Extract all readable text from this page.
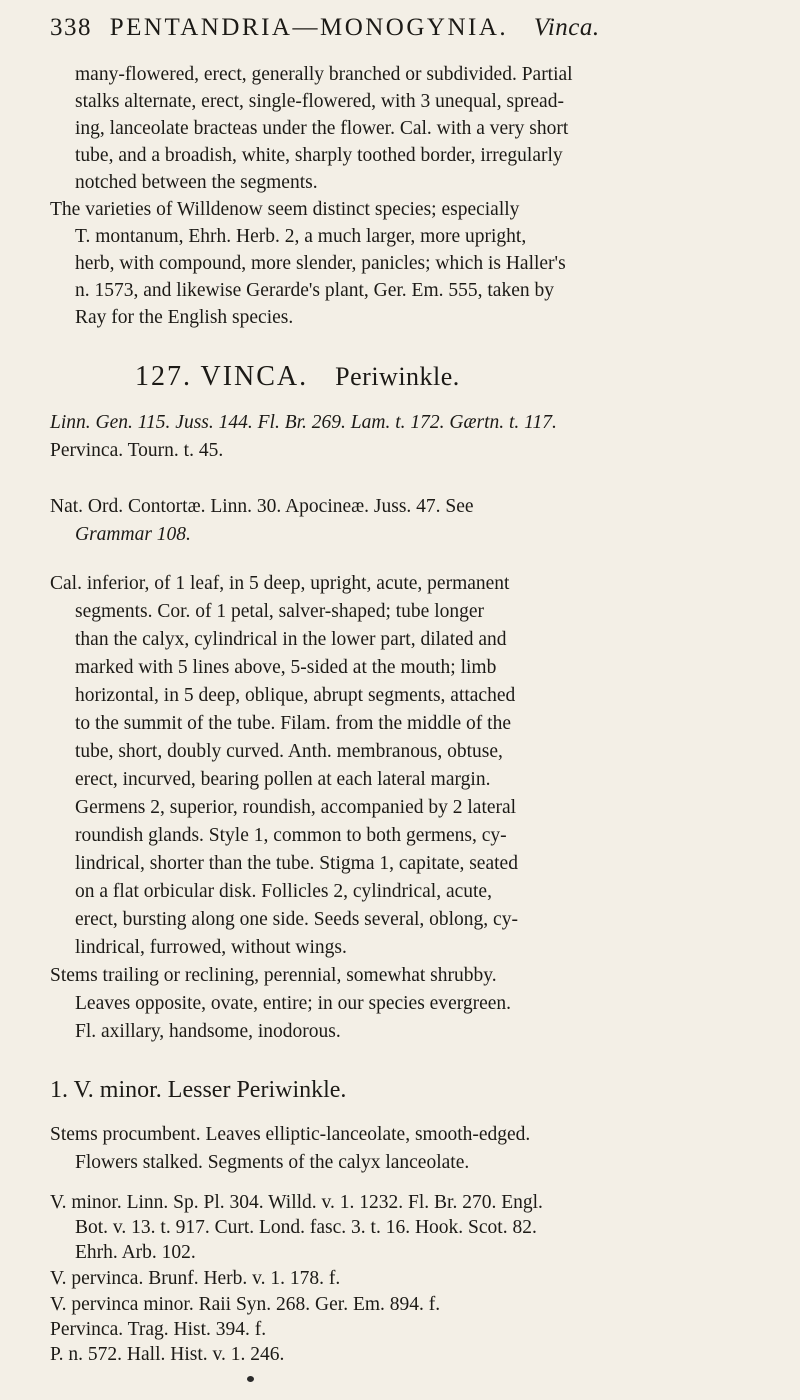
338 PENTANDRIA—MONOGYNIA. Vinca.
many-flowered, erect, generally branched or subdivided. Partial
stalks alternate, erect, single-flowered, with 3 unequal, spread-
ing, lanceolate bracteas under the flower. Cal. with a very short
tube, and a broadish, white, sharply toothed border, irregularly
notched between the segments.
The varieties of Willdenow seem distinct species; especially
T. montanum, Ehrh. Herb. 2, a much larger, more upright,
herb, with compound, more slender, panicles; which is Haller's
n. 1573, and likewise Gerarde's plant, Ger. Em. 555, taken by
Ray for the English species.
127. VINCA. Periwinkle.
Linn. Gen. 115. Juss. 144. Fl. Br. 269. Lam. t. 172. Gærtn. t. 117.
Pervinca. Tourn. t. 45.
Nat. Ord. Contortæ. Linn. 30. Apocineæ. Juss. 47. See
Grammar 108.
Cal. inferior, of 1 leaf, in 5 deep, upright, acute, permanent
segments. Cor. of 1 petal, salver-shaped; tube longer
than the calyx, cylindrical in the lower part, dilated and
marked with 5 lines above, 5-sided at the mouth; limb
horizontal, in 5 deep, oblique, abrupt segments, attached
to the summit of the tube. Filam. from the middle of the
tube, short, doubly curved. Anth. membranous, obtuse,
erect, incurved, bearing pollen at each lateral margin.
Germens 2, superior, roundish, accompanied by 2 lateral
roundish glands. Style 1, common to both germens, cy-
lindrical, shorter than the tube. Stigma 1, capitate, seated
on a flat orbicular disk. Follicles 2, cylindrical, acute,
erect, bursting along one side. Seeds several, oblong, cy-
lindrical, furrowed, without wings.
Stems trailing or reclining, perennial, somewhat shrubby.
Leaves opposite, ovate, entire; in our species evergreen.
Fl. axillary, handsome, inodorous.
1. V. minor. Lesser Periwinkle.
Stems procumbent. Leaves elliptic-lanceolate, smooth-edged.
Flowers stalked. Segments of the calyx lanceolate.
V. minor. Linn. Sp. Pl. 304. Willd. v. 1. 1232. Fl. Br. 270. Engl.
Bot. v. 13. t. 917. Curt. Lond. fasc. 3. t. 16. Hook. Scot. 82.
Ehrh. Arb. 102.
V. pervinca. Brunf. Herb. v. 1. 178. f.
V. pervinca minor. Raii Syn. 268. Ger. Em. 894. f.
Pervinca. Trag. Hist. 394. f.
P. n. 572. Hall. Hist. v. 1. 246.
